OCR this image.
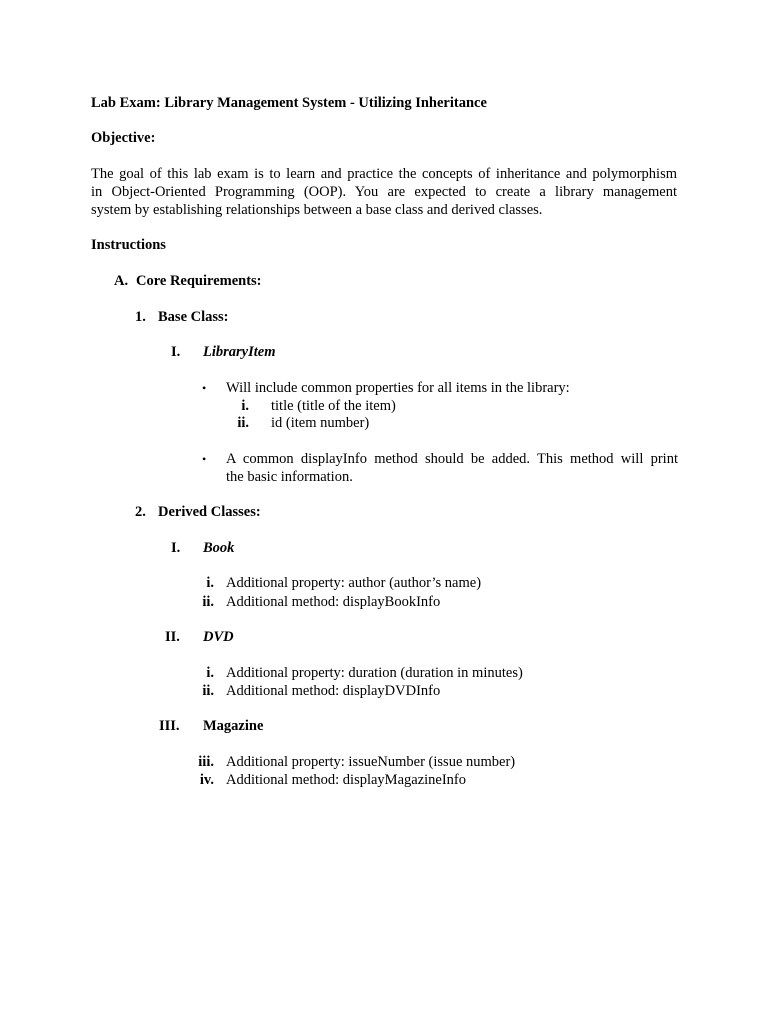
Lab Exam: Library Management System - Utilizing Inheritance
Objective:
The goal of this lab exam is to learn and practice the concepts of inheritance and polymorphism
in Object-Oriented Programming (OOP). You are expected to create a library management
system by establishing relationships between a base class and derived classes.
Instructions
A. Core Requirements:
1. Base Class:
I. LibraryItem
• Will include common properties for all items in the library:
i. title (title of the item)
ii. id (item number)
• A common displayInfo method should be added. This method will print
the basic information.
2. Derived Classes:
I. Book
i. Additional property: author (author’s name)
ii. Additional method: displayBookInfo
II. DVD
i. Additional property: duration (duration in minutes)
ii. Additional method: displayDVDInfo
III. Magazine
iii. Additional property: issueNumber (issue number)
iv. Additional method: displayMagazineInfo
